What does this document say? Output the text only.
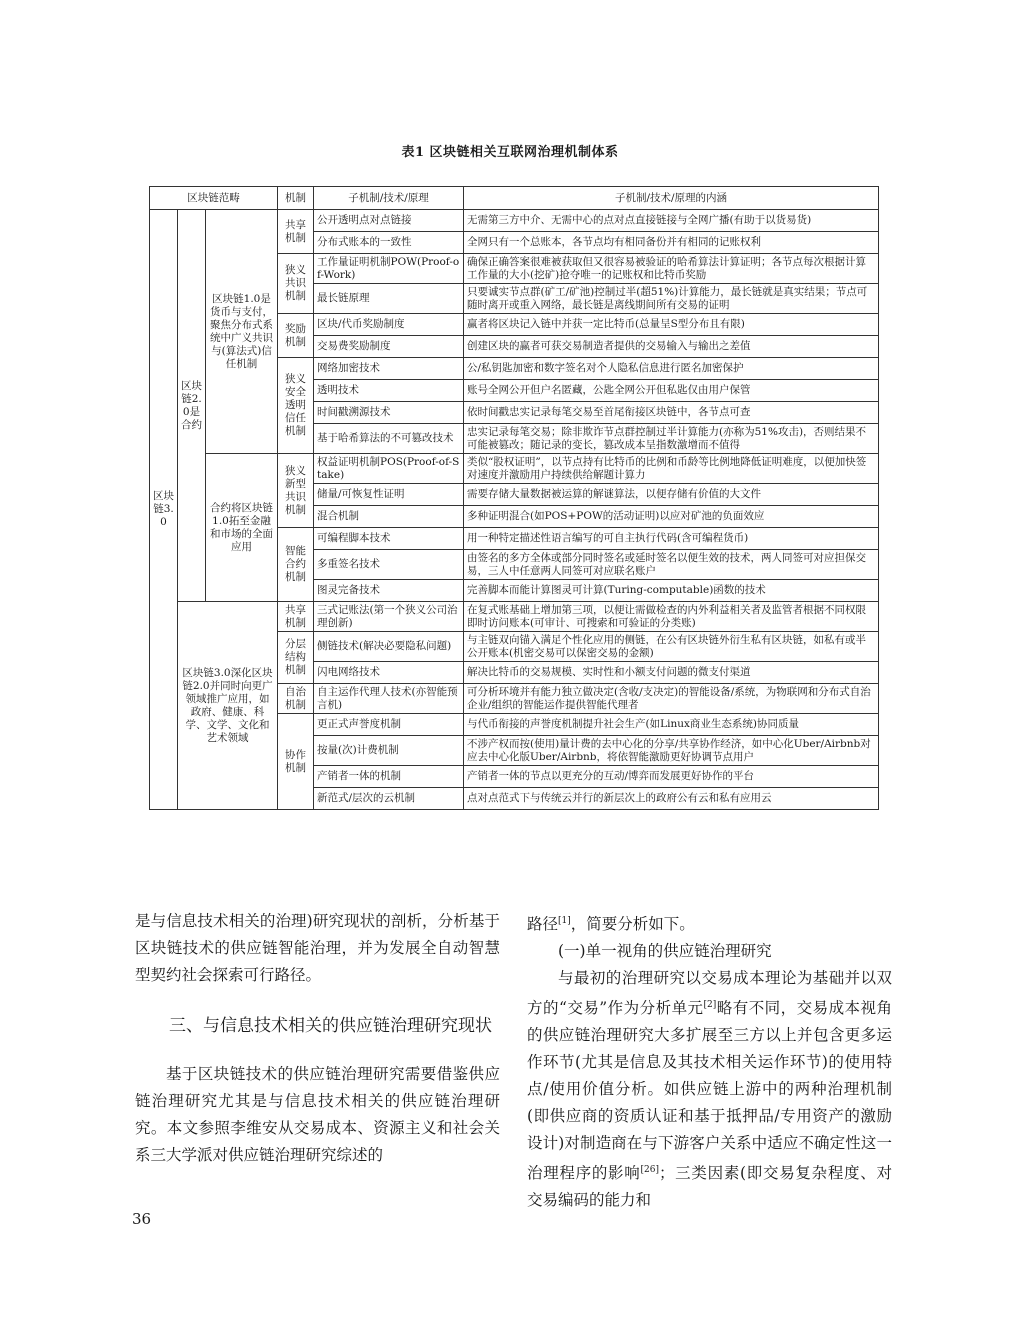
表1 区块链相关互联网治理机制体系
区块链范畴			机制	子机制/技术/原理	子机制/技术/原理的内涵
区块链3.0	区块链2.0是合约	区块链1.0是货币与支付，聚焦分布式系统中广义共识与(算法式)信任机制	共享机制	公开透明点对点链接	无需第三方中介、无需中心的点对点直接链接与全网广播(有助于以货易货)
				分布式账本的一致性	全网只有一个总账本，各节点均有相同备份并有相同的记账权利
			狭义共识机制	工作量证明机制POW(Proof-of-Work)	确保正确答案很难被获取但又很容易被验证的哈希算法计算证明；各节点每次根据计算工作量的大小(挖矿)抢夺唯一的记账权和比特币奖励
				最长链原理	只要诚实节点群(矿工/矿池)控制过半(超51%)计算能力，最长链就是真实结果；节点可随时离开或重入网络，最长链是离线期间所有交易的证明
			奖励机制	区块/代币奖励制度	赢者将区块记入链中并获一定比特币(总量呈S型分布且有限)
				交易费奖励制度	创建区块的赢者可获交易制造者提供的交易输入与输出之差值
			狭义安全透明信任机制	网络加密技术	公/私钥匙加密和数字签名对个人隐私信息进行匿名加密保护
				透明技术	账号全网公开但户名匿藏，公匙全网公开但私匙仅由用户保管
				时间戳溯源技术	依时间戳忠实记录每笔交易至首尾衔接区块链中，各节点可查
				基于哈希算法的不可篡改技术	忠实记录每笔交易；除非欺诈节点群控制过半计算能力(亦称为51%攻击)，否则结果不可能被篡改；随记录的变长，篡改成本呈指数激增而不值得
		合约将区块链1.0拓至金融和市场的全面应用	狭义新型共识机制	权益证明机制POS(Proof-of-Stake)	类似“股权证明”，以节点持有比特币的比例和币龄等比例地降低证明难度，以便加快签对速度并激励用户持续供给解题计算力
				储量/可恢复性证明	需要存储大量数据被运算的解谜算法，以便存储有价值的大文件
				混合机制	多种证明混合(如POS+POW的活动证明)以应对矿池的负面效应
			智能合约机制	可编程脚本技术	用一种特定描述性语言编写的可自主执行代码(含可编程货币)
				多重签名技术	由签名的多方全体或部分同时签名或延时签名以便生效的技术，两人同签可对应担保交易，三人中任意两人同签可对应联名账户
				图灵完备技术	完善脚本而能计算图灵可计算(Turing-computable)函数的技术
	区块链3.0深化区块链2.0并同时向更广领域推广应用，如政府、健康、科学、文学、文化和艺术领域		共享机制	三式记账法(第一个狭义公司治理创新)	在复式账基础上增加第三项，以便让需做检查的内外利益相关者及监管者根据不同权限即时访问账本(可审计、可搜索和可验证的分类账)
			分层结构机制	侧链技术(解决必要隐私问题)	与主链双向锚入满足个性化应用的侧链，在公有区块链外衍生私有区块链，如私有或半公开账本(机密交易可以保密交易的金额)
				闪电网络技术	解决比特币的交易规模、实时性和小额支付问题的微支付渠道
			自治机制	自主运作代理人技术(亦智能预言机)	可分析环境并有能力独立做决定(含收/支决定)的智能设备/系统，为物联网和分布式自治企业/组织的智能运作提供智能代理者
			协作机制	更正式声誉度机制	与代币衔接的声誉度机制提升社会生产(如Linux商业生态系统)协同质量
				按量(次)计费机制	不涉产权而按(使用)量计费的去中心化的分享/共享协作经济，如中心化Uber/Airbnb对应去中心化版Uber/Airbnb，将依智能激励更好协调节点用户
				产销者一体的机制	产销者一体的节点以更充分的互动/博弈而发展更好协作的平台
				新范式/层次的云机制	点对点范式下与传统云并行的新层次上的政府公有云和私有应用云

是与信息技术相关的治理)研究现状的剖析，分析基于区块链技术的供应链智能治理，并为发展全自动智慧型契约社会探索可行路径。

三、与信息技术相关的供应链治理研究现状

基于区块链技术的供应链治理研究需要借鉴供应链治理研究尤其是与信息技术相关的供应链治理研究。本文参照李维安从交易成本、资源主义和社会关系三大学派对供应链治理研究综述的

路径[1]，简要分析如下。

(一)单一视角的供应链治理研究

与最初的治理研究以交易成本理论为基础并以双方的“交易”作为分析单元[2]略有不同，交易成本视角的供应链治理研究大多扩展至三方以上并包含更多运作环节(尤其是信息及其技术相关运作环节)的使用特点/使用价值分析。如供应链上游中的两种治理机制(即供应商的资质认证和基于抵押品/专用资产的激励设计)对制造商在与下游客户关系中适应不确定性这一治理程序的影响[26]；三类因素(即交易复杂程度、对交易编码的能力和

36
